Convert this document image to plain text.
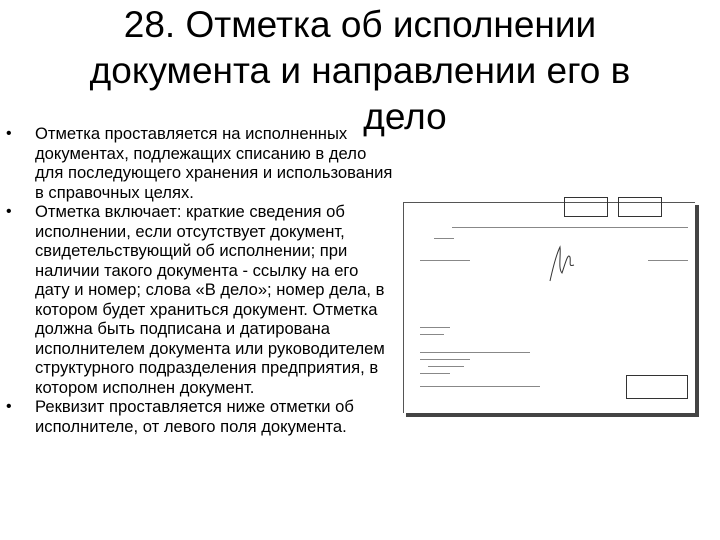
28. Отметка об исполнении
документа и направлении его в
дело
• Отметка проставляется на исполненных документах, подлежащих списанию в дело для последующего хранения и использования в справочных целях.
• Отметка включает: краткие сведения об исполнении, если отсутствует документ, свидетельствующий об исполнении; при наличии такого документа - ссылку на его дату и номер; слова «В дело»; номер дела, в котором будет храниться документ. Отметка должна быть подписана и датирована исполнителем документа или руководителем структурного подразделения предприятия, в котором исполнен документ.
• Реквизит проставляется ниже отметки об исполнителе, от левого поля документа.
